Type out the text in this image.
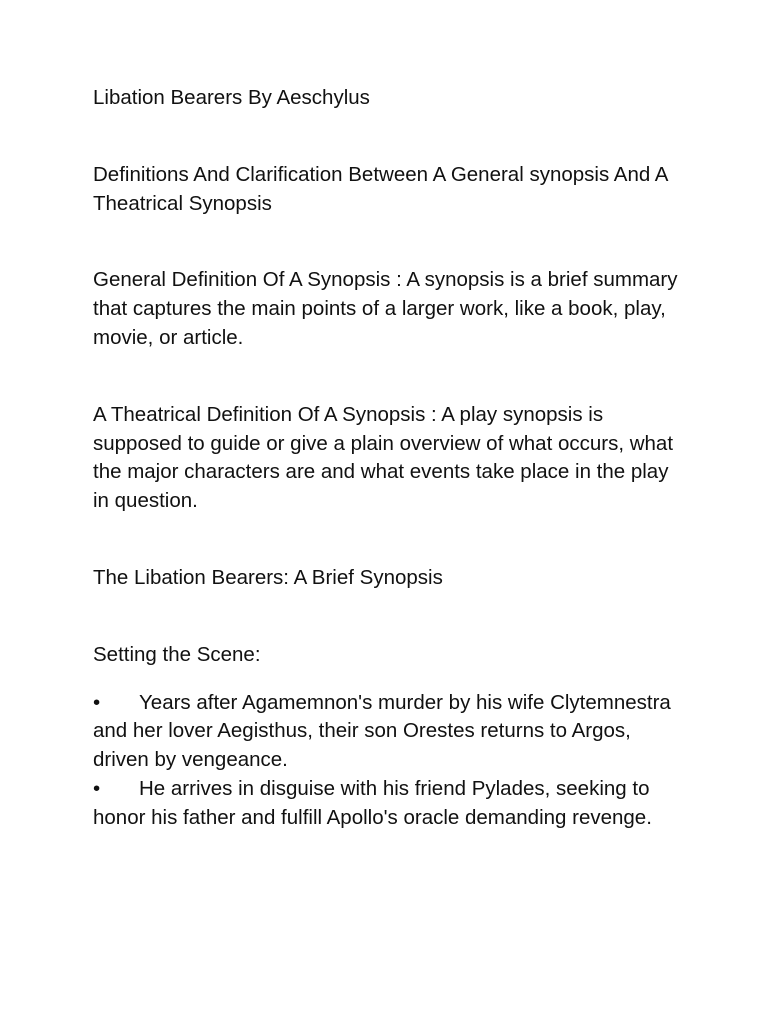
Libation Bearers By Aeschylus

Definitions And Clarification Between A General synopsis And A Theatrical Synopsis

General Definition Of A Synopsis : A synopsis is a brief summary that captures the main points of a larger work, like a book, play, movie, or article.

A Theatrical Definition Of A Synopsis : A play synopsis is supposed to guide or give a plain overview of what occurs, what the major characters are and what events take place in the play in question.

The Libation Bearers: A Brief Synopsis

Setting the Scene:

• Years after Agamemnon's murder by his wife Clytemnestra and her lover Aegisthus, their son Orestes returns to Argos, driven by vengeance.

• He arrives in disguise with his friend Pylades, seeking to honor his father and fulfill Apollo's oracle demanding revenge.
